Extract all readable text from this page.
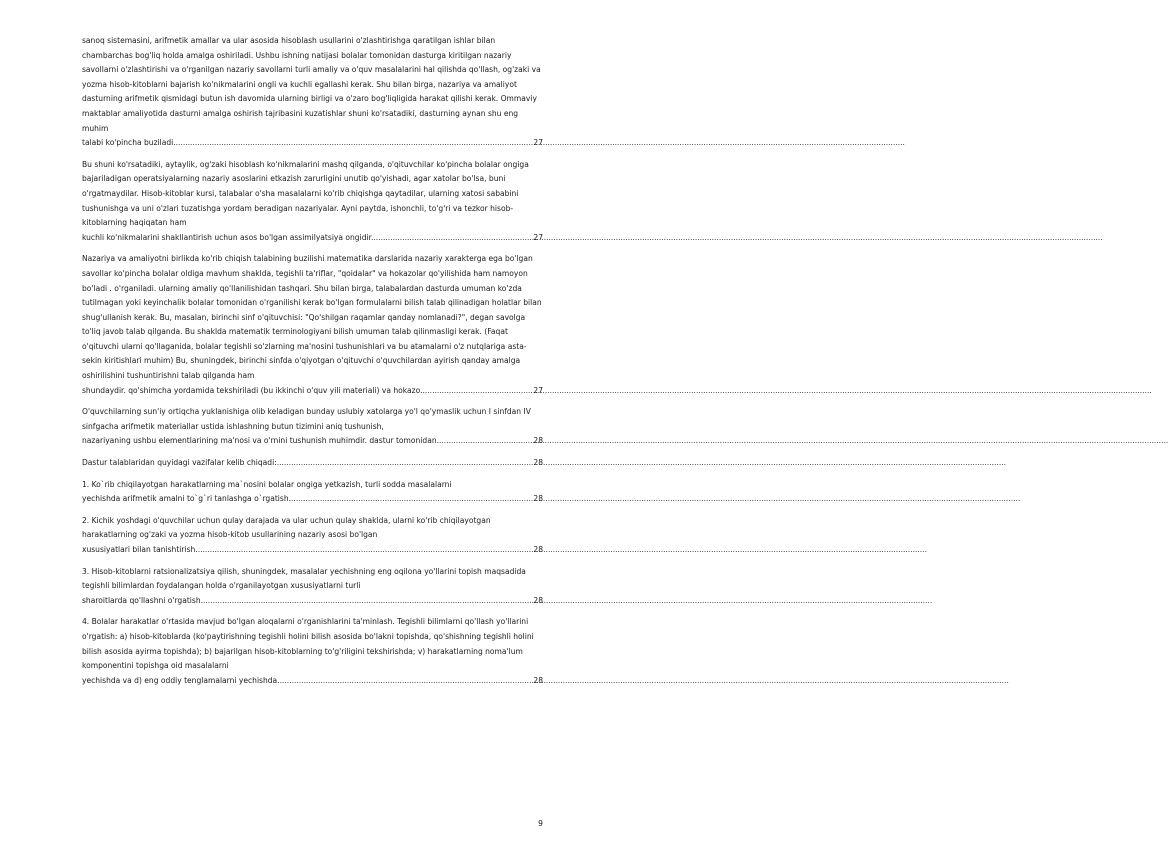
sanoq sistemasini, arifmetik amallar va ular asosida hisoblash usullarini o'zlashtirishga qaratilgan ishlar bilan chambarchas bog'liq holda amalga oshiriladi. Ushbu ishning natijasi bolalar tomonidan dasturga kiritilgan nazariy savollarni o'zlashtirishi va o'rganilgan nazariy savollarni turli amaliy va o'quv masalalarini hal qilishda qo'llash, og'zaki va yozma hisob-kitoblarni bajarish ko'nikmalarini ongli va kuchli egallashi kerak. Shu bilan birga, nazariya va amaliyot dasturning arifmetik qismidagi butun ish davomida ularning birligi va o'zaro bog'liqligida harakat qilishi kerak. Ommaviy maktablar amaliyotida dasturni amalga oshirish tajribasini kuzatishlar shuni ko'rsatadiki, dasturning aynan shu eng muhim
talabi ko'pincha buziladi. .....	27
Bu shuni ko'rsatadiki, aytaylik, og'zaki hisoblash ko'nikmalarini mashq qilganda, o'qituvchilar ko'pincha bolalar ongiga bajariladigan operatsiyalarning nazariy asoslarini etkazish zarurligini unutib qo'yishadi, agar xatolar bo'lsa, buni o'rgatmaydilar. Hisob-kitoblar kursi, talabalar o'sha masalalarni ko'rib chiqishga qaytadilar, ularning xatosi sababini tushunishga va uni o'zlari tuzatishga yordam beradigan nazariyalar. Ayni paytda, ishonchli, to'g'ri va tezkor hisob-kitoblarning haqiqatan ham
kuchli ko'nikmalarini shakllantirish uchun asos bo'lgan assimilyatsiya ongidir. .....	27
Nazariya va amaliyotni birlikda ko'rib chiqish talabining buzilishi matematika darslarida nazariy xarakterga ega bo'lgan savollar ko'pincha bolalar oldiga mavhum shaklda, tegishli ta'riflar, "qoidalar" va hokazolar qo'yilishida ham namoyon bo'ladi . o'rganiladi. ularning amaliy qo'llanilishidan tashqari. Shu bilan birga, talabalardan dasturda umuman ko'zda tutilmagan yoki keyinchalik bolalar tomonidan o'rganilishi kerak bo'lgan formulalarni bilish talab qilinadigan holatlar bilan shug'ullanish kerak. Bu, masalan, birinchi sinf o'qituvchisi: "Qo'shilgan raqamlar qanday nomlanadi?", degan savolga to'liq javob talab qilganda. Bu shaklda matematik terminologiyani bilish umuman talab qilinmasligi kerak. (Faqat o'qituvchi ularni qo'llaganida, bolalar tegishli so'zlarning ma'nosini tushunishlari va bu atamalarni o'z nutqlariga asta-sekin kiritishlari muhim) Bu, shuningdek, birinchi sinfda o'qiyotgan o'qituvchi o'quvchilardan ayirish qanday amalga oshirilishini tushuntirishni talab qilganda ham
shundaydir. qo'shimcha yordamida tekshiriladi (bu ikkinchi o'quv yili materiali) va hokazo. .....	27
O'quvchilarning sun'iy ortiqcha yuklanishiga olib keladigan bunday uslubiy xatolarga yo'l qo'ymaslik uchun I sinfdan IV sinfgacha arifmetik materiallar ustida ishlashning butun tizimini aniq tushunish,
nazariyaning ushbu elementlarining ma'nosi va o'rnini tushunish muhimdir. dastur tomonidan. .....	28
Dastur talablaridan quyidagi vazifalar kelib chiqadi: .....	28
1. Ko`rib chiqilayotgan harakatlarning ma`nosini bolalar ongiga yetkazish, turli sodda masalalarni
yechishda arifmetik amalni to`g`ri tanlashga o`rgatish. .....	28
2. Kichik yoshdagi o'quvchilar uchun qulay darajada va ular uchun qulay shaklda, ularni ko'rib chiqilayotgan harakatlarning og'zaki va yozma hisob-kitob usullarining nazariy asosi bo'lgan
xususiyatlari bilan tanishtirish. .....	28
3. Hisob-kitoblarni ratsionalizatsiya qilish, shuningdek, masalalar yechishning eng oqilona yo'llarini topish maqsadida tegishli bilimlardan foydalangan holda o'rganilayotgan xususiyatlarni turli
sharoitlarda qo'llashni o'rgatish. .....	28
4. Bolalar harakatlar o'rtasida mavjud bo'lgan aloqalarni o'rganishlarini ta'minlash. Tegishli bilimlarni qo'llash yo'llarini o'rgatish: a) hisob-kitoblarda (ko'paytirishning tegishli holini bilish asosida bo'lakni topishda, qo'shishning tegishli holini bilish asosida ayirma topishda); b) bajarilgan hisob-kitoblarning to'g'riligini tekshirishda; v) harakatlarning noma'lum komponentini topishga oid masalalarni
yechishda va d) eng oddiy tenglamalarni yechishda. .....	28
9
